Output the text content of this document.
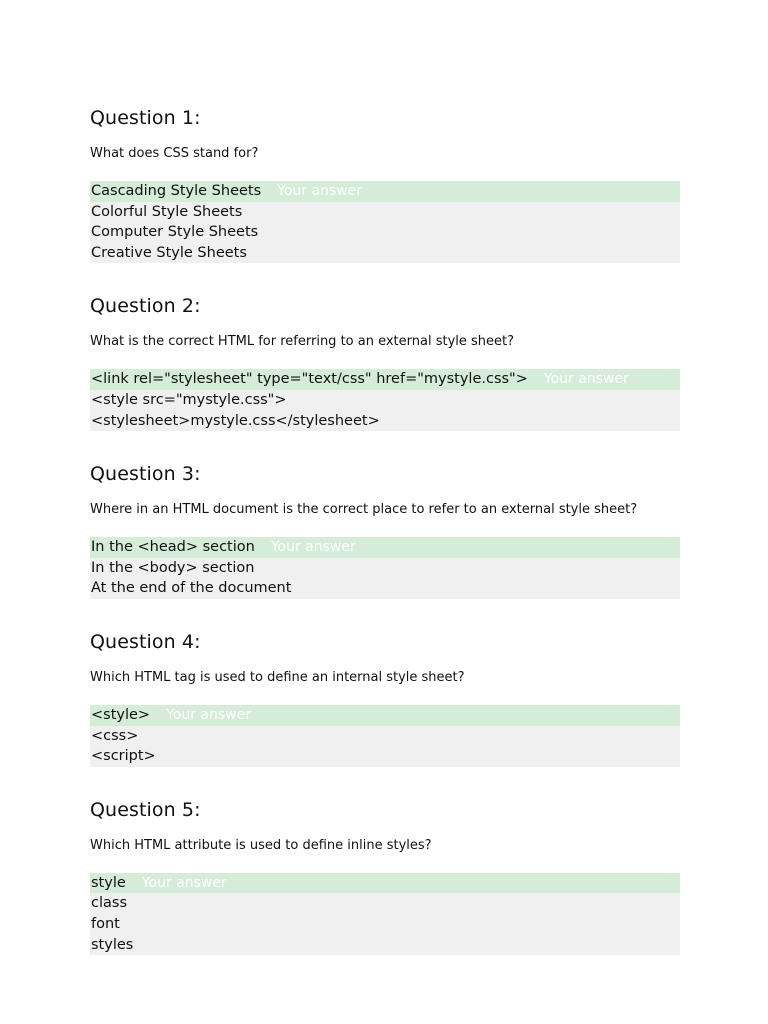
Question 1:

What does CSS stand for?

Cascading Style Sheets Your answer
Colorful Style Sheets
Computer Style Sheets
Creative Style Sheets
Question 2:

What is the correct HTML for referring to an external style sheet?

<link rel="stylesheet" type="text/css" href="mystyle.css"> Your answer
<style src="mystyle.css">
<stylesheet>mystyle.css</stylesheet>
Question 3:

Where in an HTML document is the correct place to refer to an external style sheet?

In the <head> section Your answer
In the <body> section
At the end of the document
Question 4:

Which HTML tag is used to define an internal style sheet?

<style> Your answer
<css>
<script>
Question 5:

Which HTML attribute is used to define inline styles?

style Your answer
class
font
styles
